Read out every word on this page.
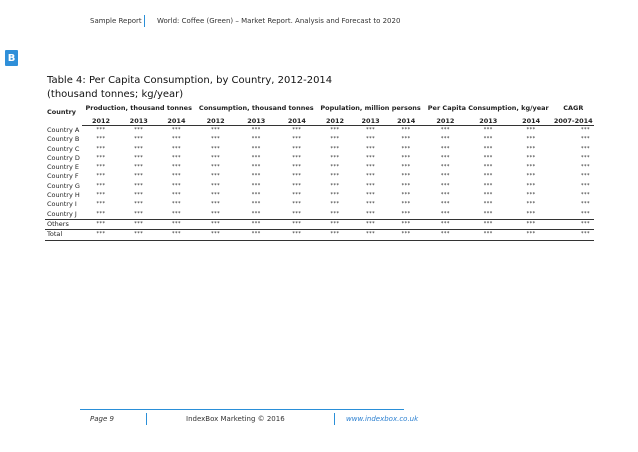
Sample Report World: Coffee (Green) – Market Report. Analysis and Forecast to 2020
B
Table 4: Per Capita Consumption, by Country, 2012-2014
(thousand tonnes; kg/year)
Country	Production, thousand tonnes			Consumption, thousand tonnes			Population, million persons			Per Capita Consumption, kg/year			CAGR
	2012	2013	2014	2012	2013	2014	2012	2013	2014	2012	2013	2014	2007-2014
Country A	***	***	***	***	***	***	***	***	***	***	***	***	***
Country B	***	***	***	***	***	***	***	***	***	***	***	***	***
Country C	***	***	***	***	***	***	***	***	***	***	***	***	***
Country D	***	***	***	***	***	***	***	***	***	***	***	***	***
Country E	***	***	***	***	***	***	***	***	***	***	***	***	***
Country F	***	***	***	***	***	***	***	***	***	***	***	***	***
Country G	***	***	***	***	***	***	***	***	***	***	***	***	***
Country H	***	***	***	***	***	***	***	***	***	***	***	***	***
Country I	***	***	***	***	***	***	***	***	***	***	***	***	***
Country J	***	***	***	***	***	***	***	***	***	***	***	***	***
Others	***	***	***	***	***	***	***	***	***	***	***	***	***
Total	***	***	***	***	***	***	***	***	***	***	***	***	***
Page 9	IndexBox Marketing © 2016	www.indexbox.co.uk
